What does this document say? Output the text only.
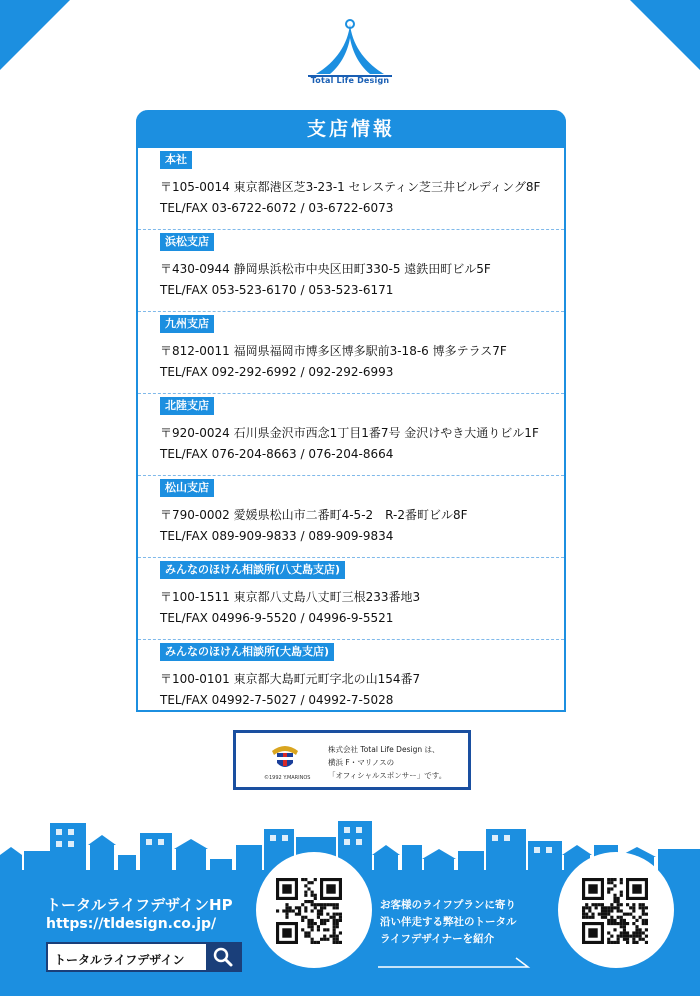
Total Life Design
支店情報
本社
〒105-0014 東京都港区芝3-23-1 セレスティン芝三井ビルディング8F
TEL/FAX 03-6722-6072 / 03-6722-6073
浜松支店
〒430-0944 静岡県浜松市中央区田町330-5 遠鉄田町ビル5F
TEL/FAX 053-523-6170 / 053-523-6171
九州支店
〒812-0011 福岡県福岡市博多区博多駅前3-18-6 博多テラス7F
TEL/FAX 092-292-6992 / 092-292-6993
北陸支店
〒920-0024 石川県金沢市西念1丁目1番7号 金沢けやき大通りビル1F
TEL/FAX 076-204-8663 / 076-204-8664
松山支店
〒790-0002 愛媛県松山市二番町4-5-2　R-2番町ビル8F
TEL/FAX 089-909-9833 / 089-909-9834
みんなのほけん相談所(八丈島支店)
〒100-1511 東京都八丈島八丈町三根233番地3
TEL/FAX 04996-9-5520 / 04996-9-5521
みんなのほけん相談所(大島支店)
〒100-0101 東京都大島町元町字北の山154番7
TEL/FAX 04992-7-5027 / 04992-7-5028
©1992 Y.MARINOS
株式会社 Total Life Design は、
横浜 F・マリノスの
「オフィシャルスポンサー」です。
トータルライフデザインHP
https://tldesign.co.jp/
トータルライフデザイン
お客様のライフプランに寄り
沿い伴走する弊社のトータル
ライフデザイナーを紹介
